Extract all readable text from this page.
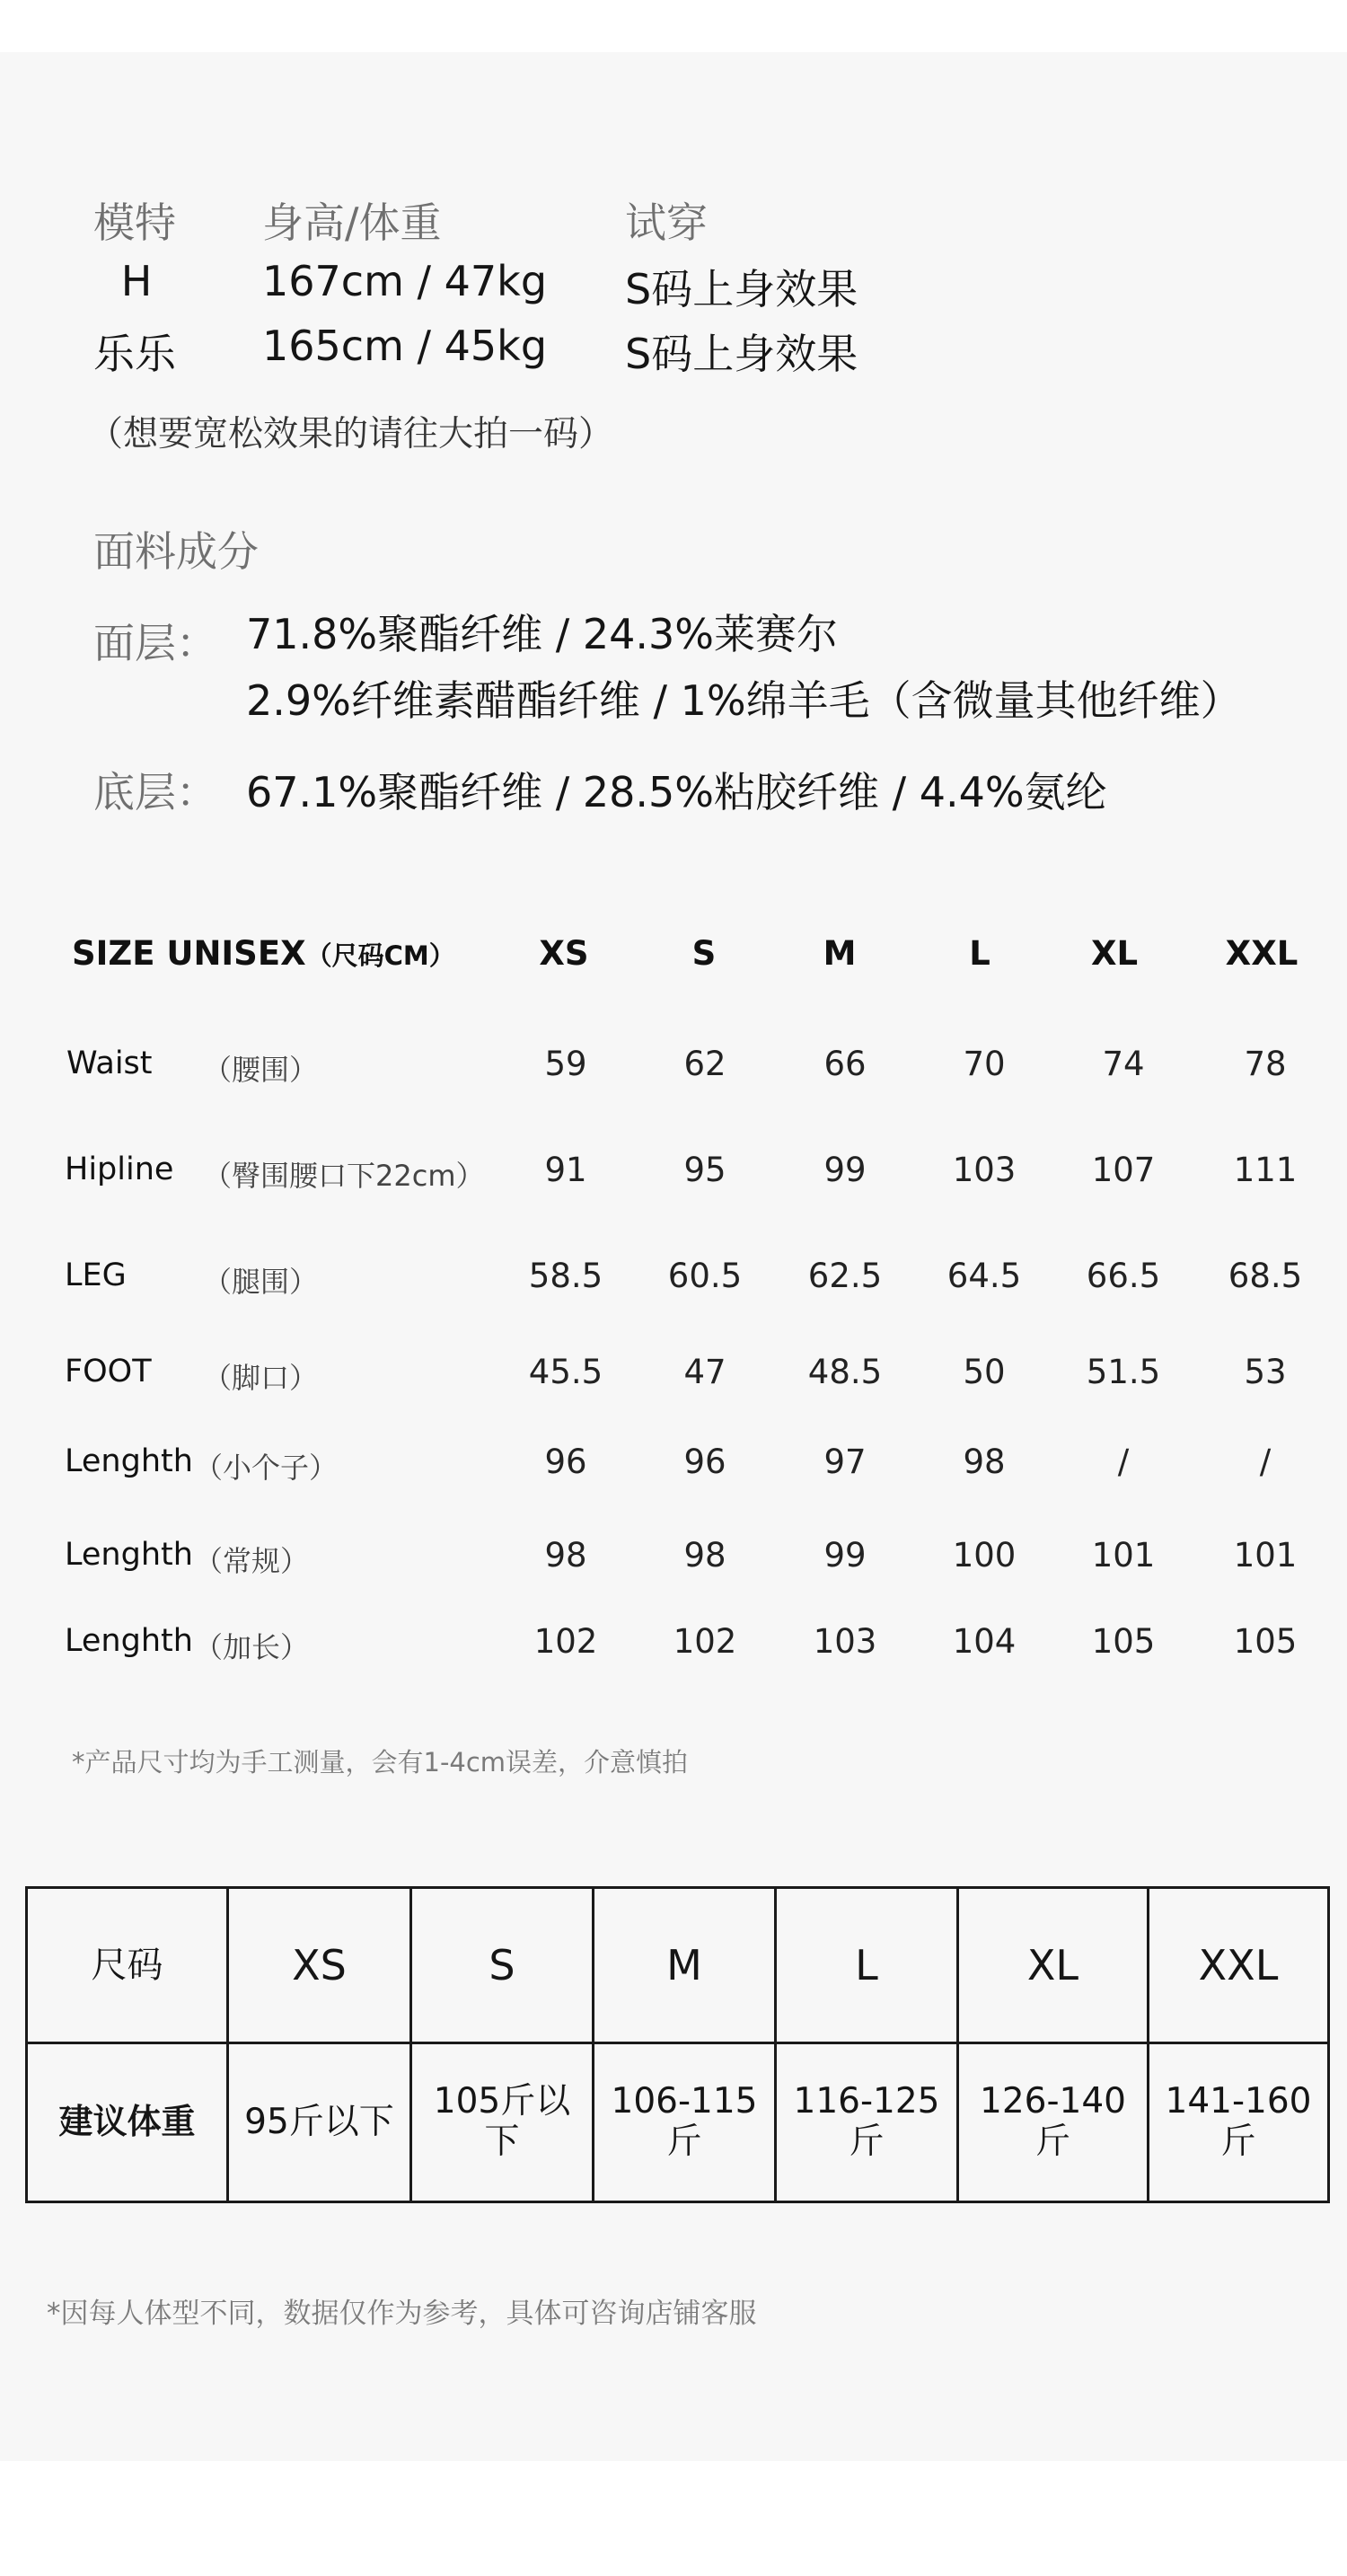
模特 身高/体重	试穿
H	167cm / 47kg S码上身效果
乐乐 165cm / 45kg S码上身效果
（想要宽松效果的请往大拍一码）
面料成分
面层： 71.8%聚酯纤维 / 24.3%莱赛尔
2.9%纤维素醋酯纤维 / 1%绵羊毛（含微量其他纤维）
底层： 67.1%聚酯纤维 / 28.5%粘胶纤维 / 4.4%氨纶
SIZE UNISEX（尺码CM）	XS	S	M	L	XL	XXL
Waist （腰围）	59	62	66	70	74	78
Hipline （臀围腰口下22cm）	91	95	99	103	107	111
LEG	（腿围）	58.5	60.5	62.5	64.5	66.5	68.5
FOOT （脚口）	45.5	47	48.5	50	51.5	53
Lenghth （小个子）	96	96	97	98	/	/
Lenghth （常规）	98	98	99	100	101	101
Lenghth （加长）	102	102	103	104	105	105
*产品尺寸均为手工测量，会有1-4cm误差，介意慎拍
尺码	XS	S	M	L	XL	XXL
建议体重	95斤以下	105斤以下	106-115斤	116-125斤	126-140斤	141-160斤
*因每人体型不同，数据仅作为参考，具体可咨询店铺客服
